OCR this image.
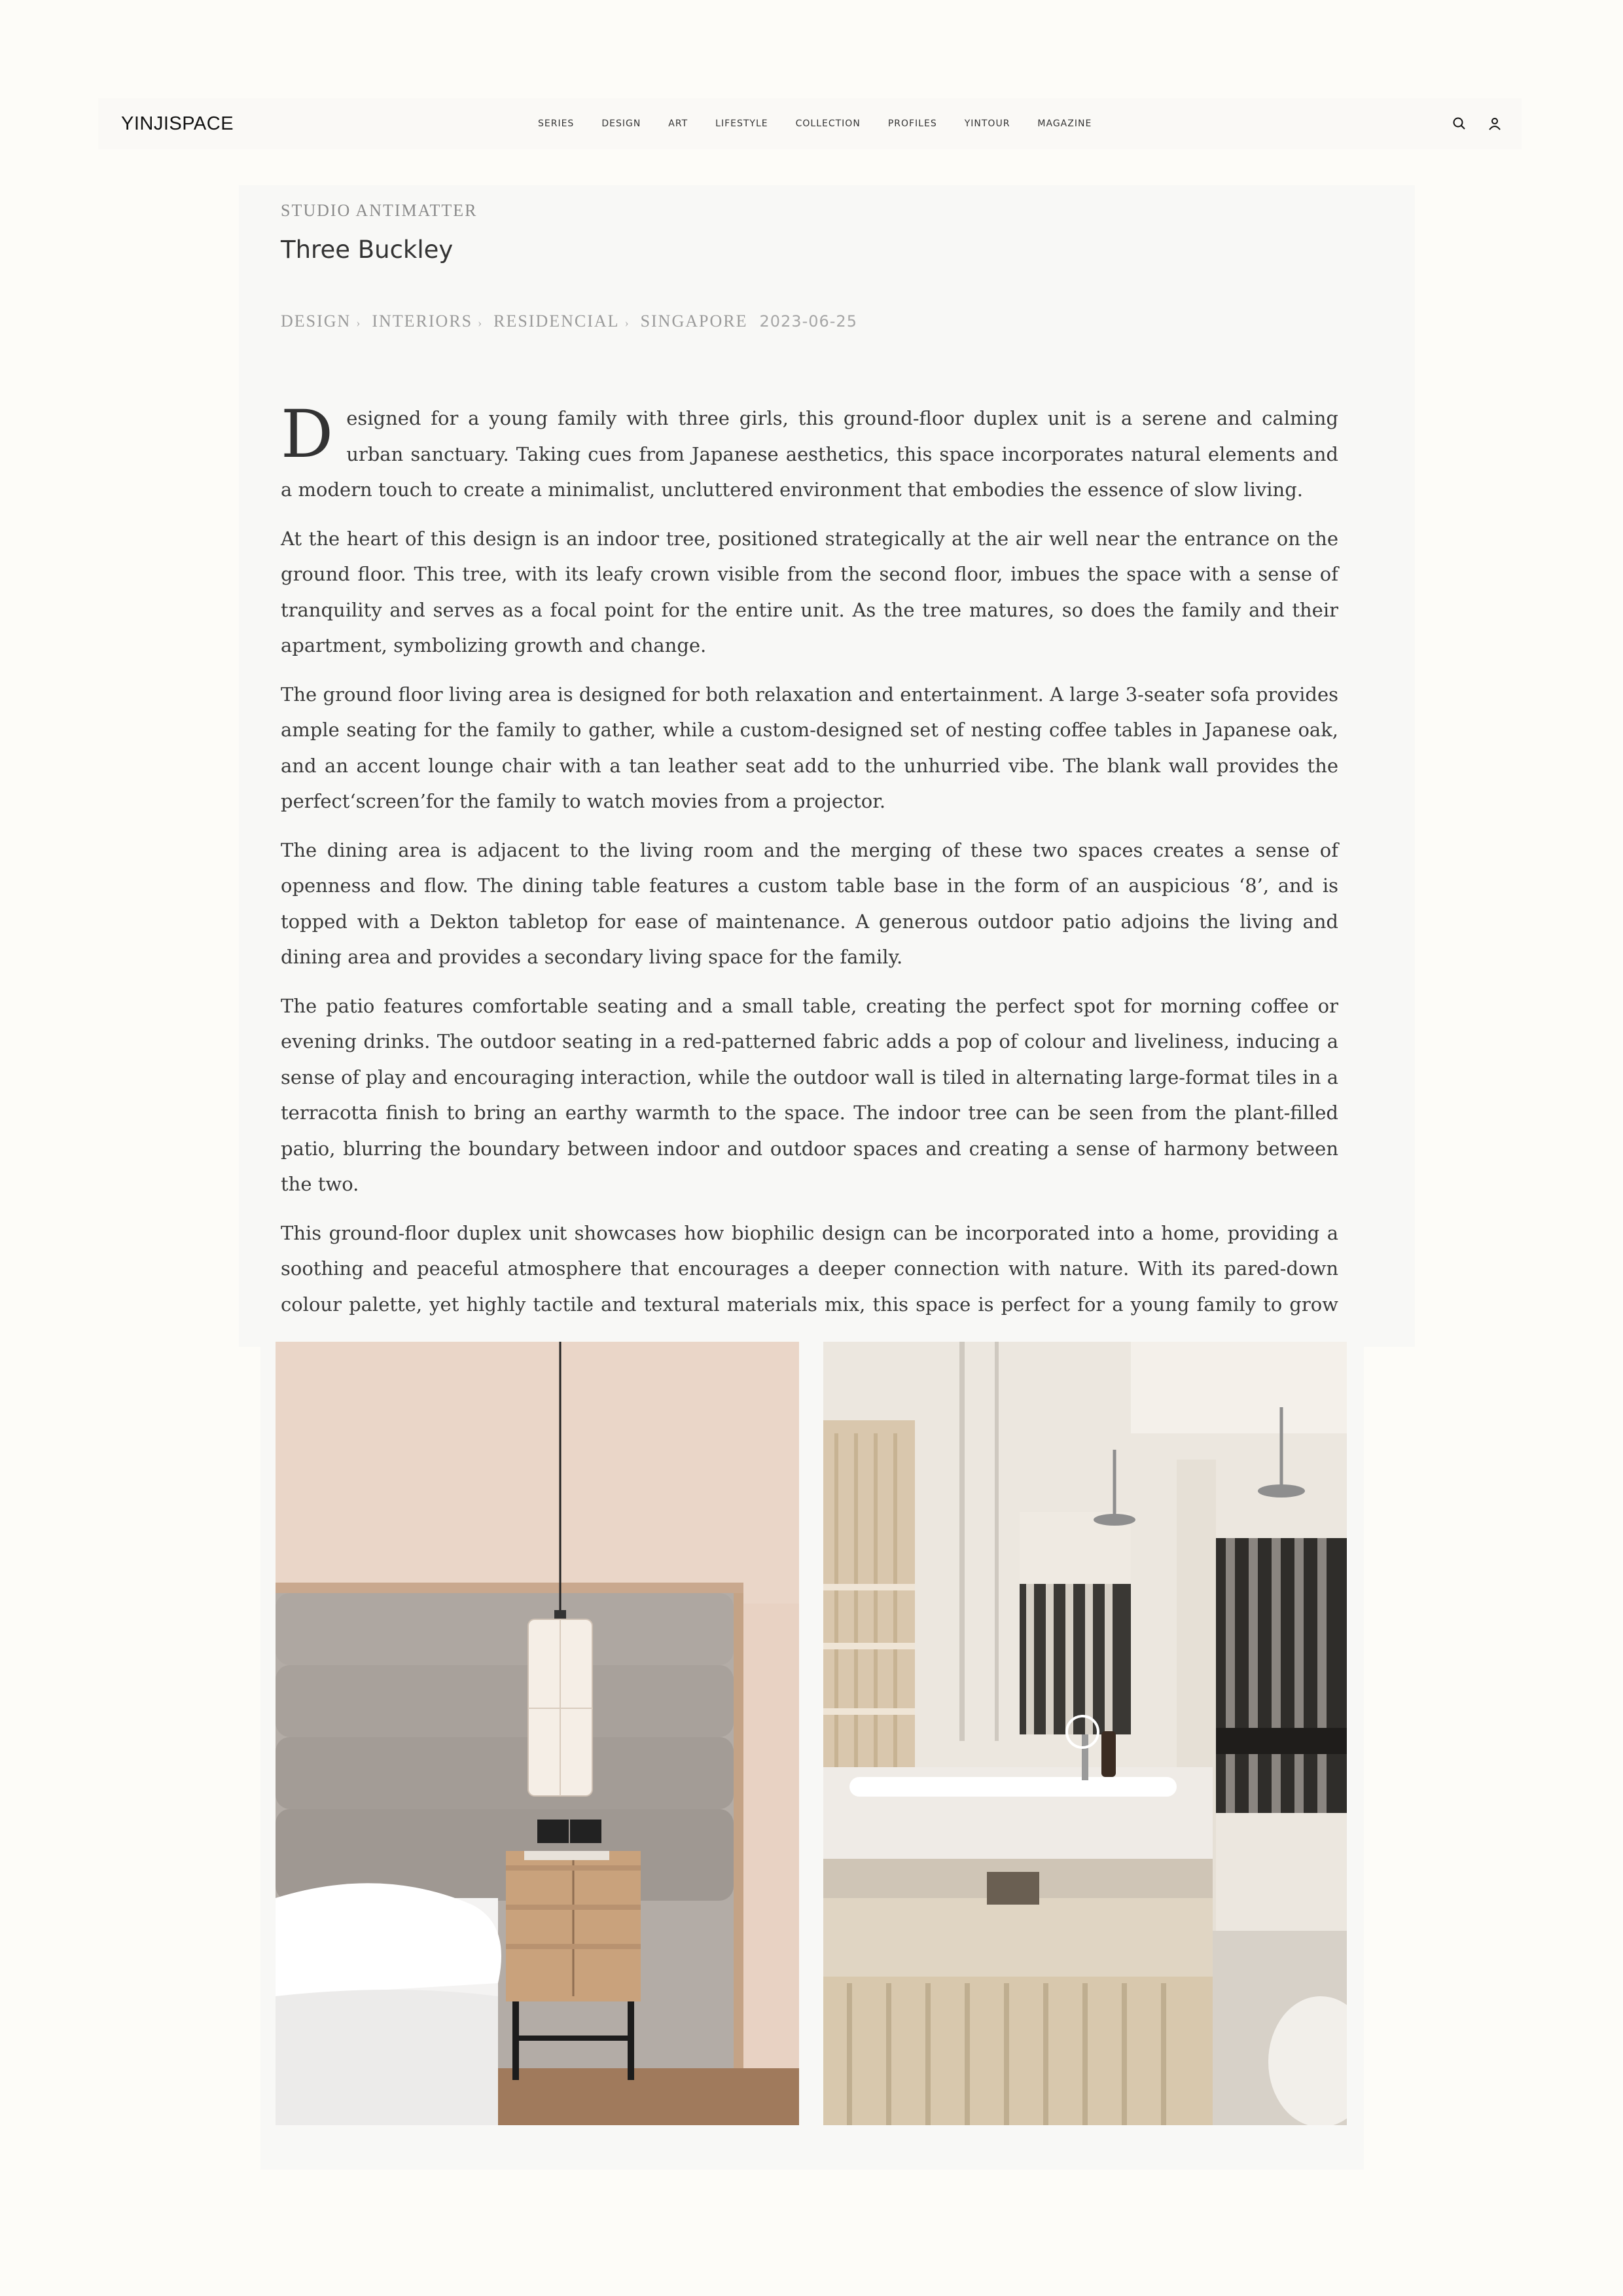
YINJISPACE	SERIES	DESIGN	ART	LIFESTYLE	COLLECTION	PROFILES	YINTOUR	MAGAZINE
STUDIO ANTIMATTER
Three Buckley
DESIGN › INTERIORS › RESIDENCIAL › SINGAPORE 2023-06-25

Designed for a young family with three girls, this ground-floor duplex unit is a serene and calming urban sanctuary. Taking cues from Japanese aesthetics, this space incorporates natural elements and a modern touch to create a minimalist, uncluttered environment that embodies the essence of slow living.

At the heart of this design is an indoor tree, positioned strategically at the air well near the entrance on the ground floor. This tree, with its leafy crown visible from the second floor, imbues the space with a sense of tranquility and serves as a focal point for the entire unit. As the tree matures, so does the family and their apartment, symbolizing growth and change.

The ground floor living area is designed for both relaxation and entertainment. A large 3-seater sofa provides ample seating for the family to gather, while a custom-designed set of nesting coffee tables in Japanese oak, and an accent lounge chair with a tan leather seat add to the unhurried vibe. The blank wall provides the perfect‘screen’for the family to watch movies from a projector.

The dining area is adjacent to the living room and the merging of these two spaces creates a sense of openness and flow. The dining table features a custom table base in the form of an auspicious ‘8’, and is topped with a Dekton tabletop for ease of maintenance. A generous outdoor patio adjoins the living and dining area and provides a secondary living space for the family.

The patio features comfortable seating and a small table, creating the perfect spot for morning coffee or evening drinks. The outdoor seating in a red-patterned fabric adds a pop of colour and liveliness, inducing a sense of play and encouraging interaction, while the outdoor wall is tiled in alternating large-format tiles in a terracotta finish to bring an earthy warmth to the space. The indoor tree can be seen from the plant-filled patio, blurring the boundary between indoor and outdoor spaces and creating a sense of harmony between the two.

This ground-floor duplex unit showcases how biophilic design can be incorporated into a home, providing a soothing and peaceful atmosphere that encourages a deeper connection with nature. With its pared-down colour palette, yet highly tactile and textural materials mix, this space is perfect for a young family to grow
